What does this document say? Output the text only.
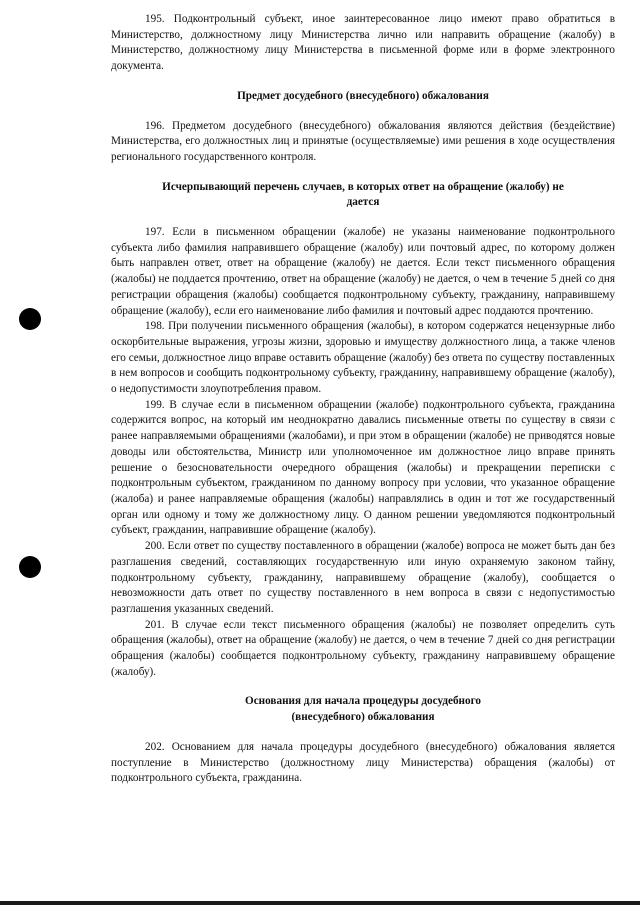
195. Подконтрольный субъект, иное заинтересованное лицо имеют право обратиться в Министерство, должностному лицу Министерства лично или направить обращение (жалобу) в Министерство, должностному лицу Министерства в письменной форме или в форме электронного документа.

Предмет досудебного (внесудебного) обжалования

196. Предметом досудебного (внесудебного) обжалования являются действия (бездействие) Министерства, его должностных лиц и принятые (осуществляемые) ими решения в ходе осуществления регионального государственного контроля.

Исчерпывающий перечень случаев, в которых ответ на обращение (жалобу) не дается

197. Если в письменном обращении (жалобе) не указаны наименование подконтрольного субъекта либо фамилия направившего обращение (жалобу) или почтовый адрес, по которому должен быть направлен ответ, ответ на обращение (жалобу) не дается. Если текст письменного обращения (жалобы) не поддается прочтению, ответ на обращение (жалобу) не дается, о чем в течение 5 дней со дня регистрации обращения (жалобы) сообщается подконтрольному субъекту, гражданину, направившему обращение (жалобу), если его наименование либо фамилия и почтовый адрес поддаются прочтению.

198. При получении письменного обращения (жалобы), в котором содержатся нецензурные либо оскорбительные выражения, угрозы жизни, здоровью и имуществу должностного лица, а также членов его семьи, должностное лицо вправе оставить обращение (жалобу) без ответа по существу поставленных в нем вопросов и сообщить подконтрольному субъекту, гражданину, направившему обращение (жалобу), о недопустимости злоупотребления правом.

199. В случае если в письменном обращении (жалобе) подконтрольного субъекта, гражданина содержится вопрос, на который им неоднократно давались письменные ответы по существу в связи с ранее направляемыми обращениями (жалобами), и при этом в обращении (жалобе) не приводятся новые доводы или обстоятельства, Министр или уполномоченное им должностное лицо вправе принять решение о безосновательности очередного обращения (жалобы) и прекращении переписки с подконтрольным субъектом, гражданином по данному вопросу при условии, что указанное обращение (жалоба) и ранее направляемые обращения (жалобы) направлялись в один и тот же государственный орган или одному и тому же должностному лицу. О данном решении уведомляются подконтрольный субъект, гражданин, направившие обращение (жалобу).

200. Если ответ по существу поставленного в обращении (жалобе) вопроса не может быть дан без разглашения сведений, составляющих государственную или иную охраняемую законом тайну, подконтрольному субъекту, гражданину, направившему обращение (жалобу), сообщается о невозможности дать ответ по существу поставленного в нем вопроса в связи с недопустимостью разглашения указанных сведений.

201. В случае если текст письменного обращения (жалобы) не позволяет определить суть обращения (жалобы), ответ на обращение (жалобу) не дается, о чем в течение 7 дней со дня регистрации обращения (жалобы) сообщается подконтрольному субъекту, гражданину направившему обращение (жалобу).

Основания для начала процедуры досудебного (внесудебного) обжалования

202. Основанием для начала процедуры досудебного (внесудебного) обжалования является поступление в Министерство (должностному лицу Министерства) обращения (жалобы) от подконтрольного субъекта, гражданина.
